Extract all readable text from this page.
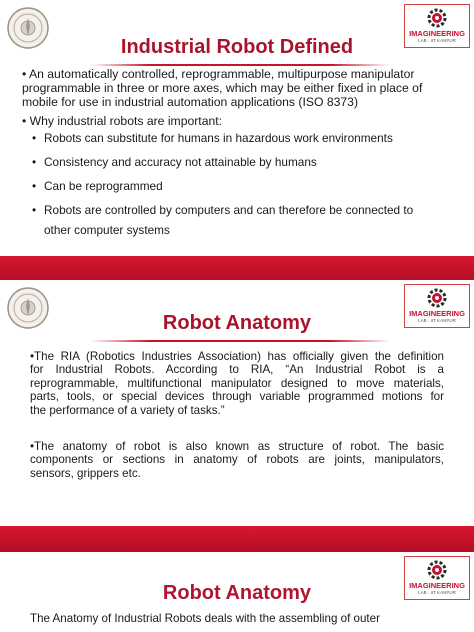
IMAGINEERING
LAB · IIT KANPUR
Industrial Robot Defined
• An automatically controlled, reprogrammable, multipurpose manipulator
programmable in three or more axes, which may be either fixed in place of
mobile for use in industrial automation applications (ISO 8373)
• Why industrial robots are important:
• Robots can substitute for humans in hazardous work environments
• Consistency and accuracy not attainable by humans
• Can be reprogrammed
• Robots are controlled by computers and can therefore be connected to
other computer systems
IMAGINEERING
LAB · IIT KANPUR
Robot Anatomy
•The RIA (Robotics Industries Association) has officially given the definition
for Industrial Robots. According to RIA, “An Industrial Robot is a
reprogrammable, multifunctional manipulator designed to move materials,
parts, tools, or special devices through variable programmed motions for
the performance of a variety of tasks.”
•The anatomy of robot is also known as structure of robot. The basic
components or sections in anatomy of robots are joints, manipulators,
sensors, grippers etc.
Robot Anatomy	IMAGINEERING
LAB · IIT KANPUR
The Anatomy of Industrial Robots deals with the assembling of outer
